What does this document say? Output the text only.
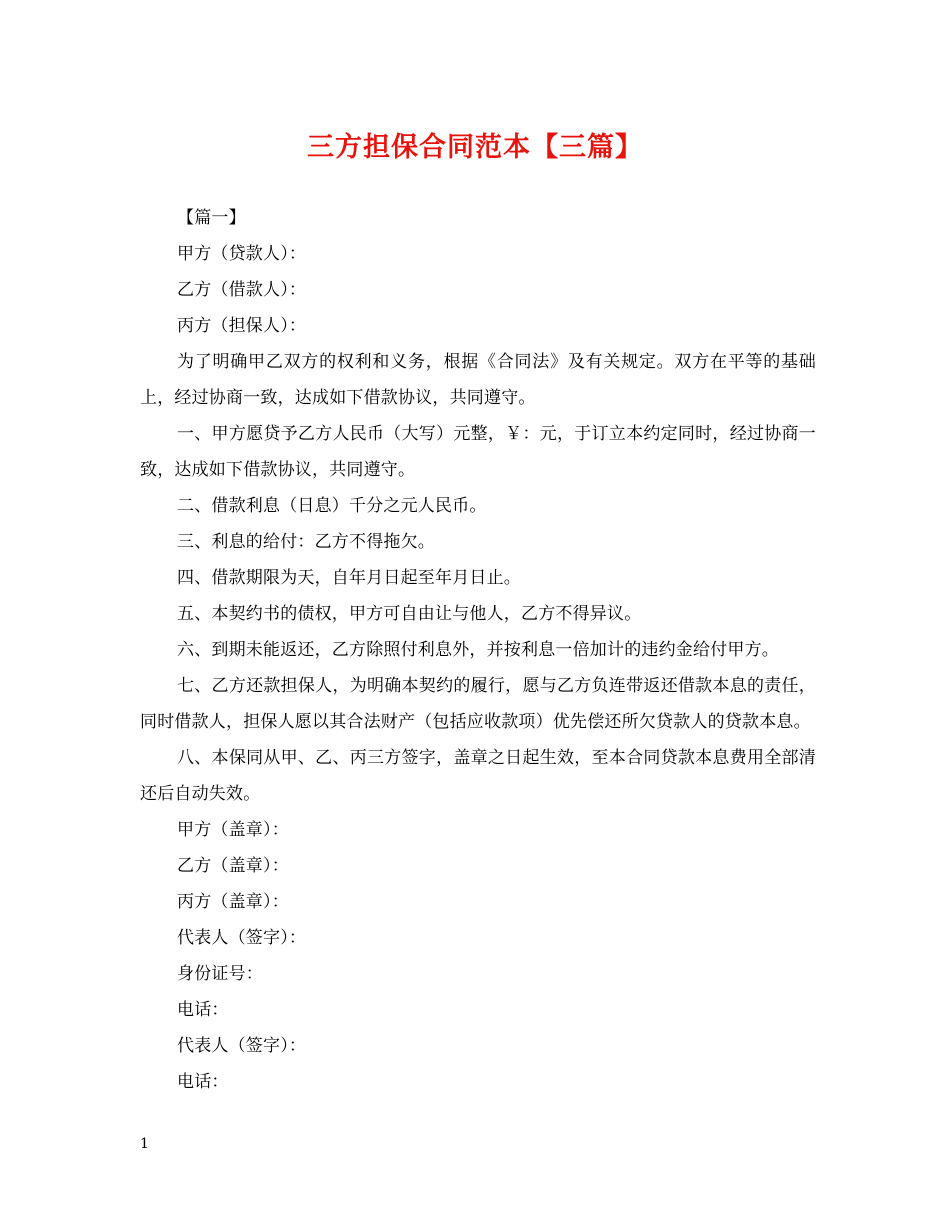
三方担保合同范本【三篇】

【篇一】

甲方（贷款人）：

乙方（借款人）：

丙方（担保人）：

为了明确甲乙双方的权利和义务，根据《合同法》及有关规定。双方在平等的基础上，经过协商一致，达成如下借款协议，共同遵守。

一、甲方愿贷予乙方人民币（大写）元整，￥：元，于订立本约定同时，经过协商一致，达成如下借款协议，共同遵守。

二、借款利息（日息）千分之元人民币。

三、利息的给付：乙方不得拖欠。

四、借款期限为天，自年月日起至年月日止。

五、本契约书的债权，甲方可自由让与他人，乙方不得异议。

六、到期未能返还，乙方除照付利息外，并按利息一倍加计的违约金给付甲方。

七、乙方还款担保人，为明确本契约的履行，愿与乙方负连带返还借款本息的责任，同时借款人，担保人愿以其合法财产（包括应收款项）优先偿还所欠贷款人的贷款本息。

八、本保同从甲、乙、丙三方签字，盖章之日起生效，至本合同贷款本息费用全部清还后自动失效。

甲方（盖章）：

乙方（盖章）：

丙方（盖章）：

代表人（签字）：

身份证号：

电话：

代表人（签字）：

电话：

1
